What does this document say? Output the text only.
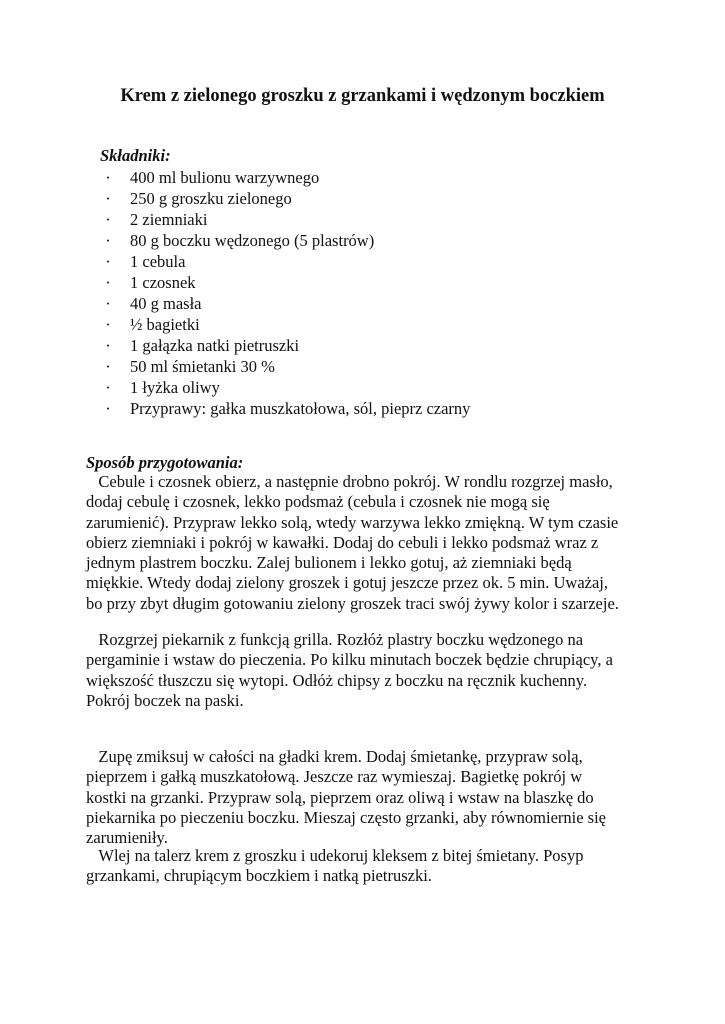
Krem z zielonego groszku z grzankami i wędzonym boczkiem
Składniki:
· 400 ml bulionu warzywnego
· 250 g groszku zielonego
· 2 ziemniaki
· 80 g boczku wędzonego (5 plastrów)
· 1 cebula
· 1 czosnek
· 40 g masła
· ½ bagietki
· 1 gałązka natki pietruszki
· 50 ml śmietanki 30 %
· 1 łyżka oliwy
· Przyprawy: gałka muszkatołowa, sól, pieprz czarny
Sposób przygotowania:

Cebule i czosnek obierz, a następnie drobno pokrój. W rondlu rozgrzej masło,
dodaj cebulę i czosnek, lekko podsmaż (cebula i czosnek nie mogą się
zarumienić). Przypraw lekko solą, wtedy warzywa lekko zmiękną. W tym czasie
obierz ziemniaki i pokrój w kawałki. Dodaj do cebuli i lekko podsmaż wraz z
jednym plastrem boczku. Zalej bulionem i lekko gotuj, aż ziemniaki będą
miękkie. Wtedy dodaj zielony groszek i gotuj jeszcze przez ok. 5 min. Uważaj,
bo przy zbyt długim gotowaniu zielony groszek traci swój żywy kolor i szarzeje.

Rozgrzej piekarnik z funkcją grilla. Rozłóż plastry boczku wędzonego na
pergaminie i wstaw do pieczenia. Po kilku minutach boczek będzie chrupiący, a
większość tłuszczu się wytopi. Odłóż chipsy z boczku na ręcznik kuchenny.
Pokrój boczek na paski.

Zupę zmiksuj w całości na gładki krem. Dodaj śmietankę, przypraw solą,
pieprzem i gałką muszkatołową. Jeszcze raz wymieszaj. Bagietkę pokrój w
kostki na grzanki. Przypraw solą, pieprzem oraz oliwą i wstaw na blaszkę do
piekarnika po pieczeniu boczku. Mieszaj często grzanki, aby równomiernie się
zarumieniły.

Wlej na talerz krem z groszku i udekoruj kleksem z bitej śmietany. Posyp
grzankami, chrupiącym boczkiem i natką pietruszki.
